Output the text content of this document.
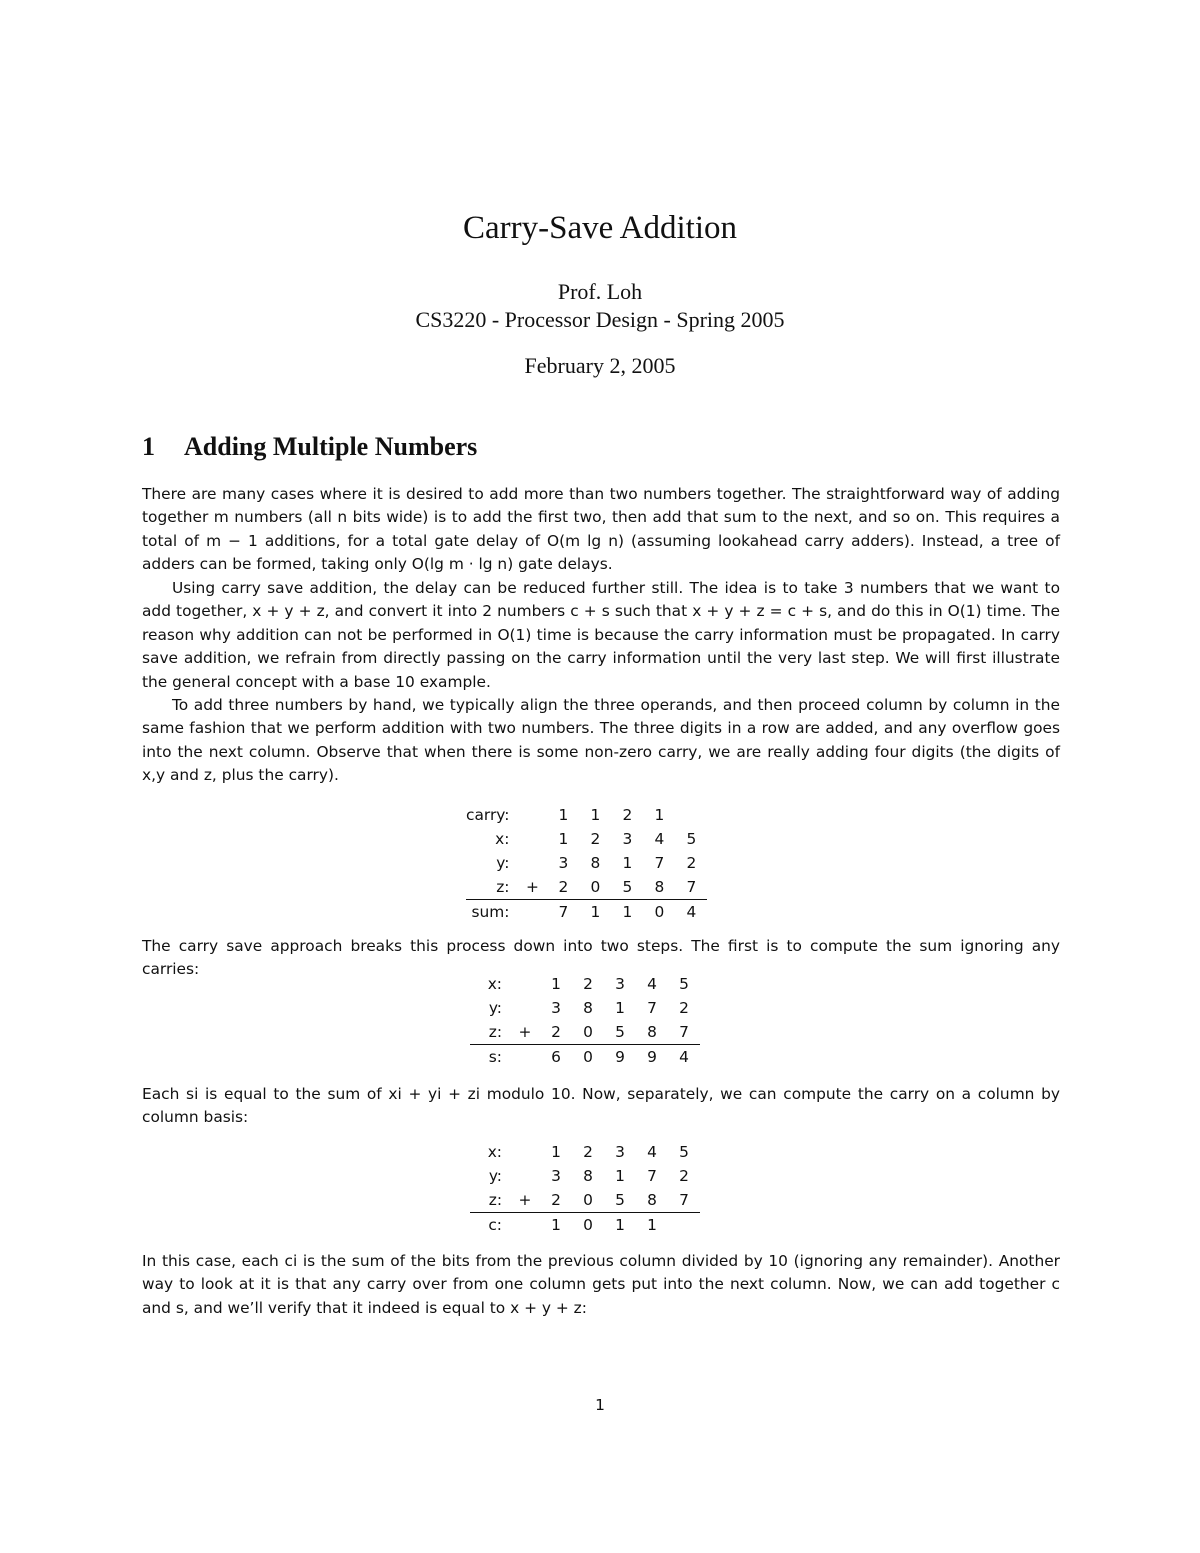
Carry-Save Addition
Prof. Loh
CS3220 - Processor Design - Spring 2005
February 2, 2005
1 Adding Multiple Numbers

There are many cases where it is desired to add more than two numbers together. The straightforward way of adding together m numbers (all n bits wide) is to add the first two, then add that sum to the next, and so on. This requires a total of m − 1 additions, for a total gate delay of O(m lg n) (assuming lookahead carry adders). Instead, a tree of adders can be formed, taking only O(lg m · lg n) gate delays.

Using carry save addition, the delay can be reduced further still. The idea is to take 3 numbers that we want to add together, x + y + z, and convert it into 2 numbers c + s such that x + y + z = c + s, and do this in O(1) time. The reason why addition can not be performed in O(1) time is because the carry information must be propagated. In carry save addition, we refrain from directly passing on the carry information until the very last step. We will first illustrate the general concept with a base 10 example.

To add three numbers by hand, we typically align the three operands, and then proceed column by column in the same fashion that we perform addition with two numbers. The three digits in a row are added, and any overflow goes into the next column. Observe that when there is some non-zero carry, we are really adding four digits (the digits of x,y and z, plus the carry).

carry:		1	1	2	1	
x:		1	2	3	4	5
y:		3	8	1	7	2
z:	+	2	0	5	8	7
sum:		7	1	1	0	4

The carry save approach breaks this process down into two steps. The first is to compute the sum ignoring any carries:

x:		1	2	3	4	5
y:		3	8	1	7	2
z:	+	2	0	5	8	7
s:		6	0	9	9	4

Each si is equal to the sum of xi + yi + zi modulo 10. Now, separately, we can compute the carry on a column by column basis:

x:		1	2	3	4	5
y:		3	8	1	7	2
z:	+	2	0	5	8	7
c:		1	0	1	1	

In this case, each ci is the sum of the bits from the previous column divided by 10 (ignoring any remainder). Another way to look at it is that any carry over from one column gets put into the next column. Now, we can add together c and s, and we’ll verify that it indeed is equal to x + y + z:

1
